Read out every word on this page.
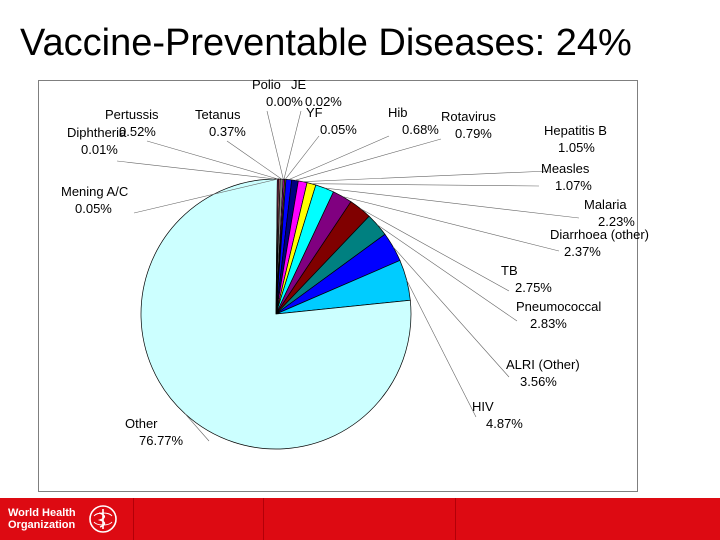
Vaccine-Preventable Diseases: 24%
Diphtheria 0.01%
Pertussis 0.52%
Tetanus 0.37%
Polio 0.00%
JE 0.02%
YF 0.05%
Hib 0.68%
Rotavirus 0.79%	Hepatitis B 1.05%
Measles 1.07%
Malaria 2.23%
Diarrhoea (other) 2.37%
TB 2.75%
Pneumococcal 2.83%
ALRI (Other) 3.56%
HIV 4.87%
Other 76.77%
Mening A/C 0.05%
World Health Organization
